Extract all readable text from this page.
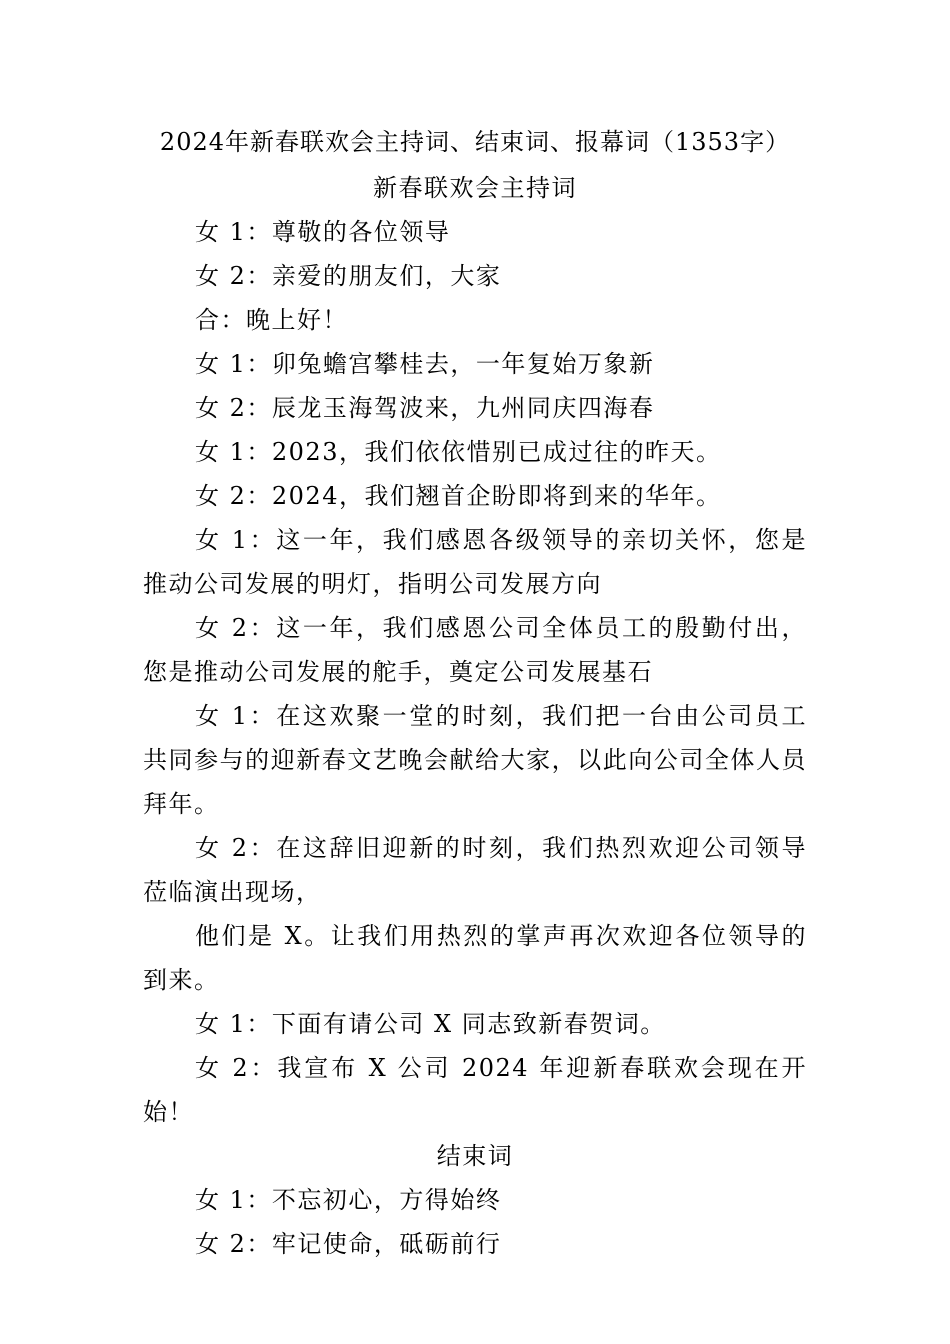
2024年新春联欢会主持词、结束词、报幕词（1353字）
新春联欢会主持词

女 1：尊敬的各位领导

女 2：亲爱的朋友们，大家

合：晚上好！

女 1：卯兔蟾宫攀桂去，一年复始万象新

女 2：辰龙玉海驾波来，九州同庆四海春

女 1：2023，我们依依惜别已成过往的昨天。

女 2：2024，我们翘首企盼即将到来的华年。

女 1：这一年，我们感恩各级领导的亲切关怀，您是推动公司发展的明灯，指明公司发展方向

女 2：这一年，我们感恩公司全体员工的殷勤付出，您是推动公司发展的舵手，奠定公司发展基石

女 1：在这欢聚一堂的时刻，我们把一台由公司员工共同参与的迎新春文艺晚会献给大家，以此向公司全体人员拜年。

女 2：在这辞旧迎新的时刻，我们热烈欢迎公司领导莅临演出现场，

他们是 X。让我们用热烈的掌声再次欢迎各位领导的到来。

女 1：下面有请公司 X 同志致新春贺词。

女 2：我宣布 X 公司 2024 年迎新春联欢会现在开始！

结束词

女 1：不忘初心，方得始终

女 2：牢记使命，砥砺前行
